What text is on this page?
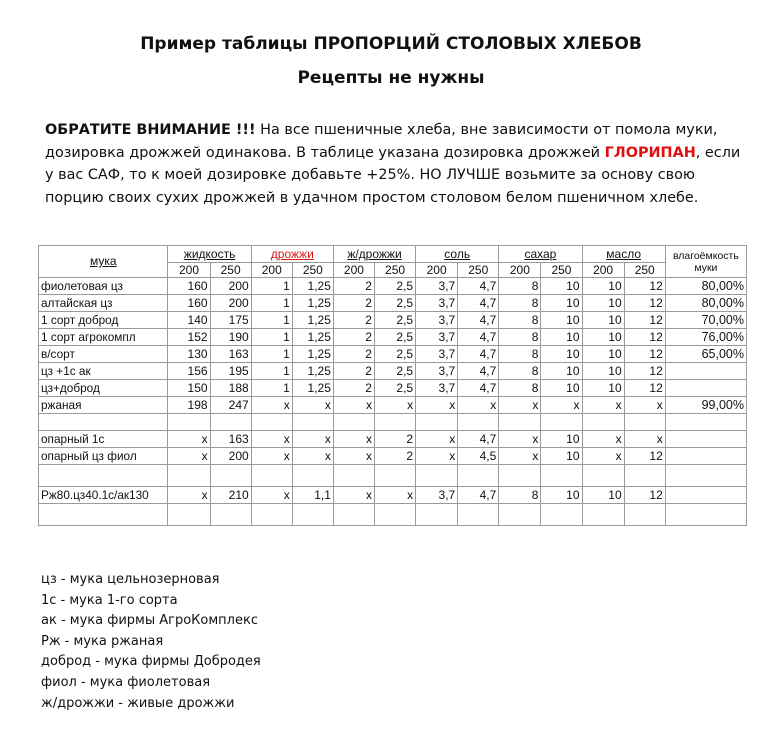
Пример таблицы ПРОПОРЦИЙ СТОЛОВЫХ ХЛЕБОВ
Рецепты не нужны
ОБРАТИТЕ ВНИМАНИЕ !!! На все пшеничные хлеба, вне зависимости от помола муки, дозировка дрожжей одинакова. В таблице указана дозировка дрожжей ГЛОРИПАН, если у вас САФ, то к моей дозировке добавьте +25%. НО ЛУЧШЕ возьмите за основу свою порцию своих сухих дрожжей в удачном простом столовом белом пшеничном хлебе.
мука	жидкость		дрожжи		ж/дрожжи		соль		сахар		масло		влагоёмкость муки
	200	250	200	250	200	250	200	250	200	250	200	250	
фиолетовая цз	160	200	1	1,25	2	2,5	3,7	4,7	8	10	10	12	80,00%
алтайская цз	160	200	1	1,25	2	2,5	3,7	4,7	8	10	10	12	80,00%
1 сорт доброд	140	175	1	1,25	2	2,5	3,7	4,7	8	10	10	12	70,00%
1 сорт агрокомпл	152	190	1	1,25	2	2,5	3,7	4,7	8	10	10	12	76,00%
в/сорт	130	163	1	1,25	2	2,5	3,7	4,7	8	10	10	12	65,00%
цз +1с ак	156	195	1	1,25	2	2,5	3,7	4,7	8	10	10	12	
цз+доброд	150	188	1	1,25	2	2,5	3,7	4,7	8	10	10	12	
ржаная	198	247	x	x	x	x	x	x	x	x	x	x	99,00%

опарный 1с	x	163	x	x	x	2	x	4,7	x	10	x	x	
опарный цз фиол	x	200	x	x	x	2	x	4,5	x	10	x	12	

Рж80.цз40.1с/ак130	x	210	x	1,1	x	x	3,7	4,7	8	10	10	12	

цз - мука цельнозерновая
1с - мука 1-го сорта
ак - мука фирмы АгроКомплекс
Рж - мука ржаная
доброд - мука фирмы Добродея
фиол - мука фиолетовая
ж/дрожжи - живые дрожжи
